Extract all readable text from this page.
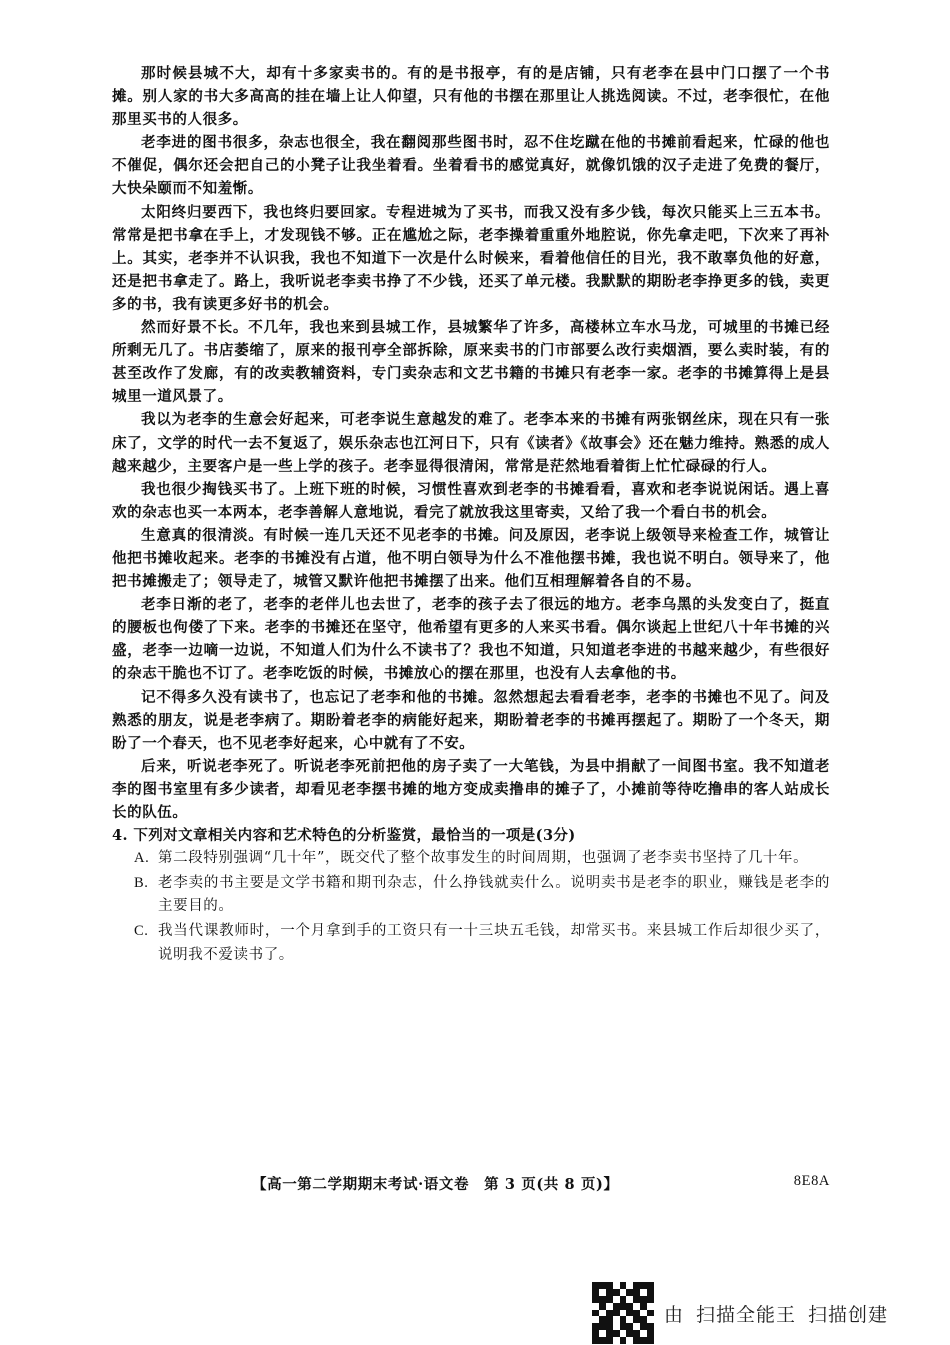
那时候县城不大，却有十多家卖书的。有的是书报亭，有的是店铺，只有老李在县中门口摆了一个书摊。别人家的书大多高高的挂在墙上让人仰望，只有他的书摆在那里让人挑选阅读。不过，老李很忙，在他那里买书的人很多。

老李进的图书很多，杂志也很全，我在翻阅那些图书时，忍不住圪蹴在他的书摊前看起来，忙碌的他也不催促，偶尔还会把自己的小凳子让我坐着看。坐着看书的感觉真好，就像饥饿的汉子走进了免费的餐厅，大快朵颐而不知羞惭。

太阳终归要西下，我也终归要回家。专程进城为了买书，而我又没有多少钱，每次只能买上三五本书。常常是把书拿在手上，才发现钱不够。正在尴尬之际，老李操着重重外地腔说，你先拿走吧，下次来了再补上。其实，老李并不认识我，我也不知道下一次是什么时候来，看着他信任的目光，我不敢辜负他的好意，还是把书拿走了。路上，我听说老李卖书挣了不少钱，还买了单元楼。我默默的期盼老李挣更多的钱，卖更多的书，我有读更多好书的机会。

然而好景不长。不几年，我也来到县城工作，县城繁华了许多，高楼林立车水马龙，可城里的书摊已经所剩无几了。书店萎缩了，原来的报刊亭全部拆除，原来卖书的门市部要么改行卖烟酒，要么卖时装，有的甚至改作了发廊，有的改卖教辅资料，专门卖杂志和文艺书籍的书摊只有老李一家。老李的书摊算得上是县城里一道风景了。

我以为老李的生意会好起来，可老李说生意越发的难了。老李本来的书摊有两张钢丝床，现在只有一张床了，文学的时代一去不复返了，娱乐杂志也江河日下，只有《读者》《故事会》还在魅力维持。熟悉的成人越来越少，主要客户是一些上学的孩子。老李显得很清闲，常常是茫然地看着街上忙忙碌碌的行人。

我也很少掏钱买书了。上班下班的时候，习惯性喜欢到老李的书摊看看，喜欢和老李说说闲话。遇上喜欢的杂志也买一本两本，老李善解人意地说，看完了就放我这里寄卖，又给了我一个看白书的机会。

生意真的很清淡。有时候一连几天还不见老李的书摊。问及原因，老李说上级领导来检查工作，城管让他把书摊收起来。老李的书摊没有占道，他不明白领导为什么不准他摆书摊，我也说不明白。领导来了，他把书摊搬走了；领导走了，城管又默许他把书摊摆了出来。他们互相理解着各自的不易。

老李日渐的老了，老李的老伴儿也去世了，老李的孩子去了很远的地方。老李乌黑的头发变白了，挺直的腰板也佝偻了下来。老李的书摊还在坚守，他希望有更多的人来买书看。偶尔谈起上世纪八十年书摊的兴盛，老李一边嘀一边说，不知道人们为什么不读书了？我也不知道，只知道老李进的书越来越少，有些很好的杂志干脆也不订了。老李吃饭的时候，书摊放心的摆在那里，也没有人去拿他的书。

记不得多久没有读书了，也忘记了老李和他的书摊。忽然想起去看看老李，老李的书摊也不见了。问及熟悉的朋友，说是老李病了。期盼着老李的病能好起来，期盼着老李的书摊再摆起了。期盼了一个冬天，期盼了一个春天，也不见老李好起来，心中就有了不安。

后来，听说老李死了。听说老李死前把他的房子卖了一大笔钱，为县中捐献了一间图书室。我不知道老李的图书室里有多少读者，却看见老李摆书摊的地方变成卖撸串的摊子了，小摊前等待吃撸串的客人站成长长的队伍。

4. 下列对文章相关内容和艺术特色的分析鉴赏，最恰当的一项是(3分)

A. 第二段特别强调“几十年”，既交代了整个故事发生的时间周期，也强调了老李卖书坚持了几十年。
B. 老李卖的书主要是文学书籍和期刊杂志，什么挣钱就卖什么。说明卖书是老李的职业，赚钱是老李的主要目的。
C. 我当代课教师时，一个月拿到手的工资只有一十三块五毛钱，却常买书。来县城工作后却很少买了，说明我不爱读书了。
【高一第二学期期末考试·语文卷　第 3 页(共 8 页)】	8E8A
由 扫描全能王 扫描创建
